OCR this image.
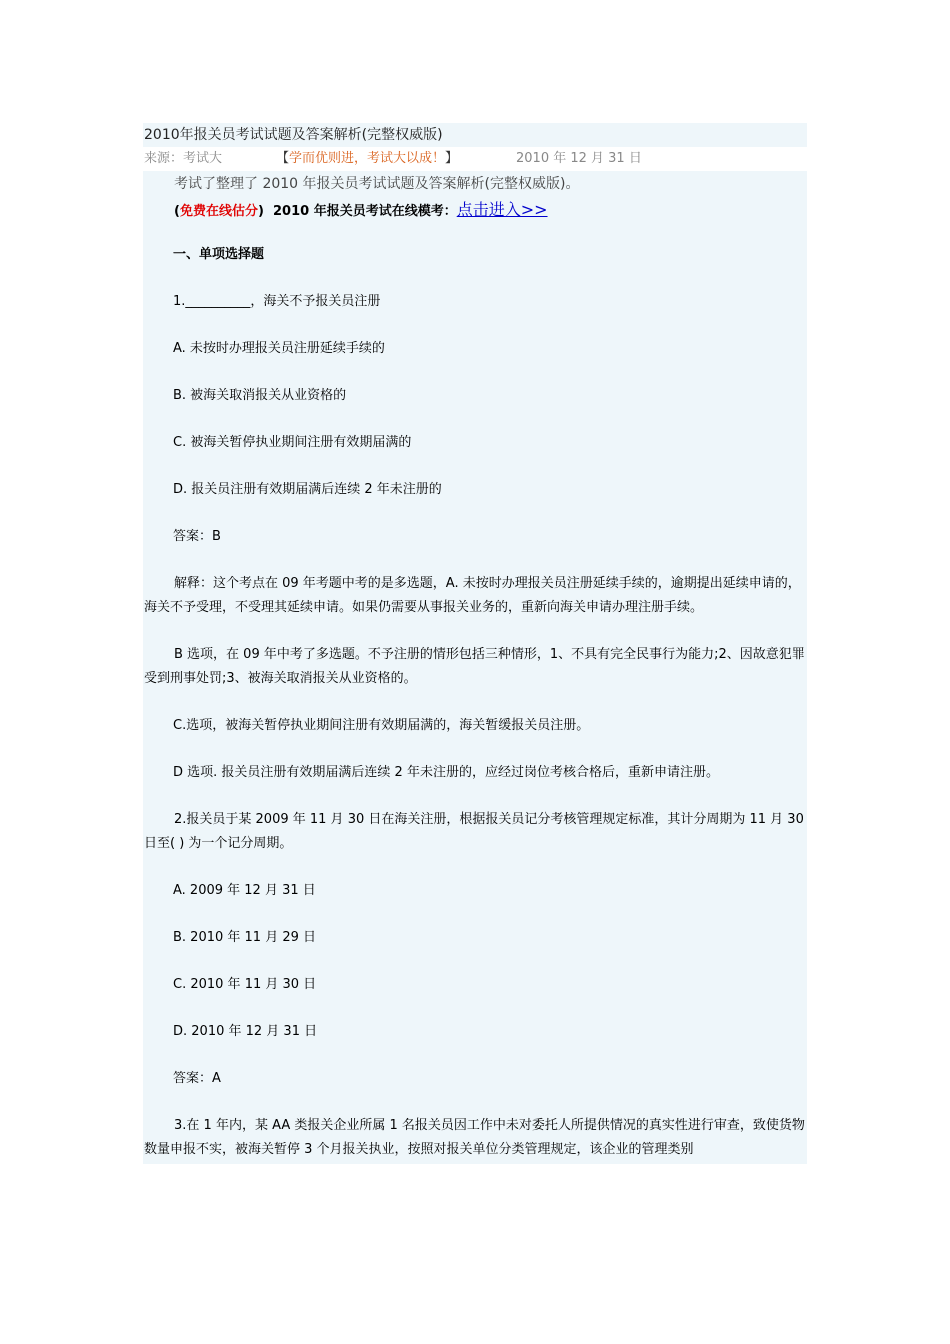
2010年报关员考试试题及答案解析(完整权威版)
来源：考试大	【学而优则进，考试大以成！】	2010 年 12 月 31 日
考试了整理了 2010 年报关员考试试题及答案解析(完整权威版)。
(免费在线估分) 2010 年报关员考试在线模考：点击进入>>

一、单项选择题

1.__________，海关不予报关员注册

A. 未按时办理报关员注册延续手续的

B. 被海关取消报关从业资格的

C. 被海关暂停执业期间注册有效期届满的

D. 报关员注册有效期届满后连续 2 年未注册的

答案：B

解释：这个考点在 09 年考题中考的是多选题，A. 未按时办理报关员注册延续手续的，逾期提出延续申请的，海关不予受理，不受理其延续申请。如果仍需要从事报关业务的，重新向海关申请办理注册手续。

B 选项，在 09 年中考了多选题。不予注册的情形包括三种情形，1、不具有完全民事行为能力;2、因故意犯罪受到刑事处罚;3、被海关取消报关从业资格的。

C.选项，被海关暂停执业期间注册有效期届满的，海关暂缓报关员注册。

D 选项. 报关员注册有效期届满后连续 2 年未注册的，应经过岗位考核合格后，重新申请注册。

2.报关员于某 2009 年 11 月 30 日在海关注册，根据报关员记分考核管理规定标准，其计分周期为 11 月 30 日至( ) 为一个记分周期。

A. 2009 年 12 月 31 日

B. 2010 年 11 月 29 日

C. 2010 年 11 月 30 日

D. 2010 年 12 月 31 日

答案：A

3.在 1 年内，某 AA 类报关企业所属 1 名报关员因工作中未对委托人所提供情况的真实性进行审查，致使货物数量申报不实，被海关暂停 3 个月报关执业，按照对报关单位分类管理规定，该企业的管理类别
